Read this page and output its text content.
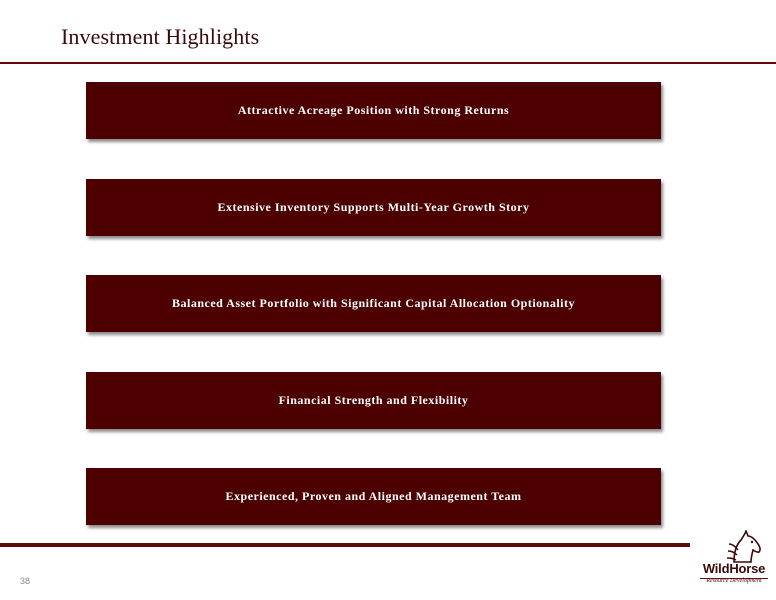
Investment Highlights
Attractive Acreage Position with Strong Returns
Extensive Inventory Supports Multi-Year Growth Story
Balanced Asset Portfolio with Significant Capital Allocation Optionality
Financial Strength and Flexibility
Experienced, Proven and Aligned Management Team
38
WildHorse
Resource Development
